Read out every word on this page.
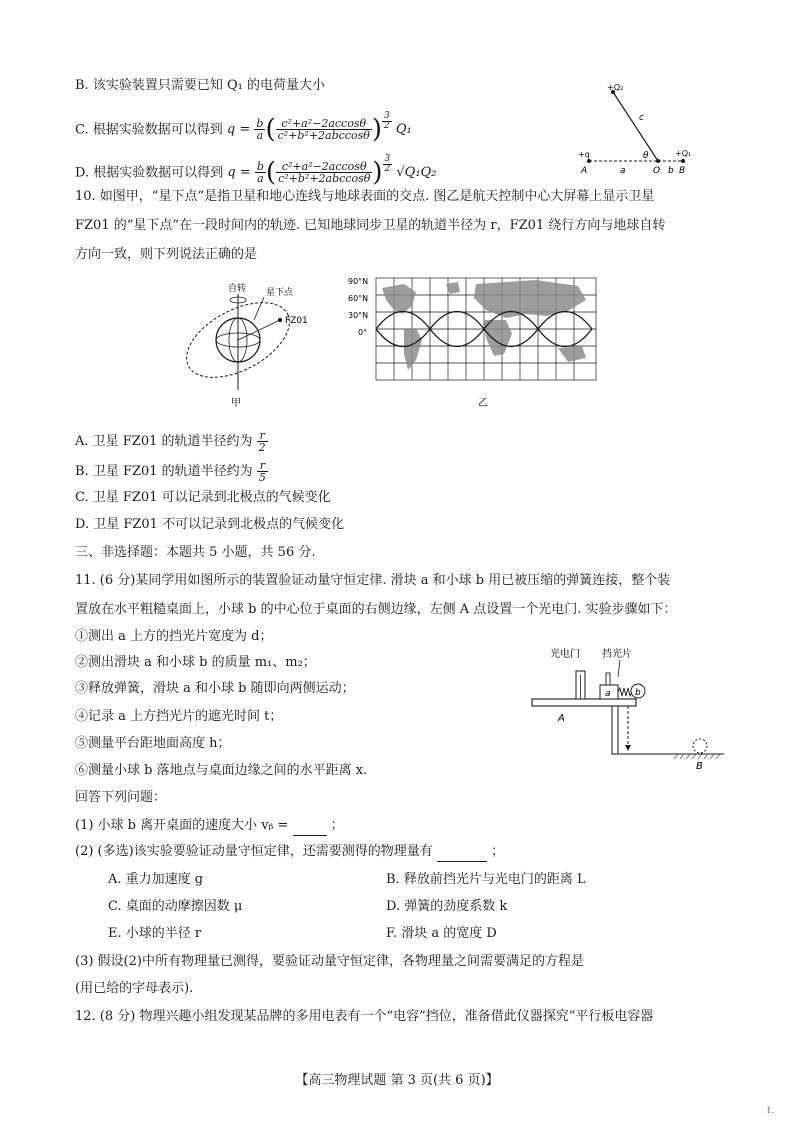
B. 该实验装置只需要已知 Q₁ 的电荷量大小
C. 根据实验数据可以得到 $q = \frac{b}{a}$ ( $\frac{\text{c²+a²−2accosθ}}{\text{c²+b²+2abccosθ}}$ ) $^{\frac{3}{2}}$ Q₁
D. 根据实验数据可以得到 $q = \frac{b}{a}$ ( $\frac{\text{c²+a²−2accosθ}}{\text{c²+b²+2abccosθ}}$ ) $^{\frac{3}{2}}$ √Q₁Q₂
+Q₂
c
+q	θ	+Q₁
A	a	O b B
10. 如图甲，“星下点”是指卫星和地心连线与地球表面的交点. 图乙是航天控制中心大屏幕上显示卫星
FZ01 的“星下点”在一段时间内的轨迹. 已知地球同步卫星的轨道半径为 r，FZ01 绕行方向与地球自转
方向一致，则下列说法正确的是
自转 星下点
FZ01
甲
90°N
60°N
30°N
0°
乙
A. 卫星 FZ01 的轨道半径约为 $\frac{r}{2}$
B. 卫星 FZ01 的轨道半径约为 $\frac{r}{5}$
C. 卫星 FZ01 可以记录到北极点的气候变化
D. 卫星 FZ01 不可以记录到北极点的气候变化
三、非选择题：本题共 5 小题，共 56 分.
11. (6 分)某同学用如图所示的装置验证动量守恒定律. 滑块 a 和小球 b 用已被压缩的弹簧连接，整个装
置放在水平粗糙桌面上，小球 b 的中心位于桌面的右侧边缘，左侧 A 点设置一个光电门. 实验步骤如下：
①测出 a 上方的挡光片宽度为 d；
②测出滑块 a 和小球 b 的质量 m₁、m₂；
③释放弹簧，滑块 a 和小球 b 随即向两侧运动；
④记录 a 上方挡光片的遮光时间 t；
⑤测量平台距地面高度 h；
⑥测量小球 b 落地点与桌面边缘之间的水平距离 x.
光电门 挡光片
a	b
A
B
回答下列问题：
(1) 小球 b 离开桌面的速度大小 vᵦ =	；
(2) (多选)该实验要验证动量守恒定律，还需要测得的物理量有	；
A. 重力加速度 g	B. 释放前挡光片与光电门的距离 L
C. 桌面的动摩擦因数 μ	D. 弹簧的劲度系数 k
E. 小球的半径 r	F. 滑块 a 的宽度 D
(3) 假设(2)中所有物理量已测得，要验证动量守恒定律，各物理量之间需要满足的方程是
(用已给的字母表示).
12. (8 分) 物理兴趣小组发现某品牌的多用电表有一个“电容”挡位，准备借此仪器探究“平行板电容器
【高三物理试题 第 3 页(共 6 页)】
1.
